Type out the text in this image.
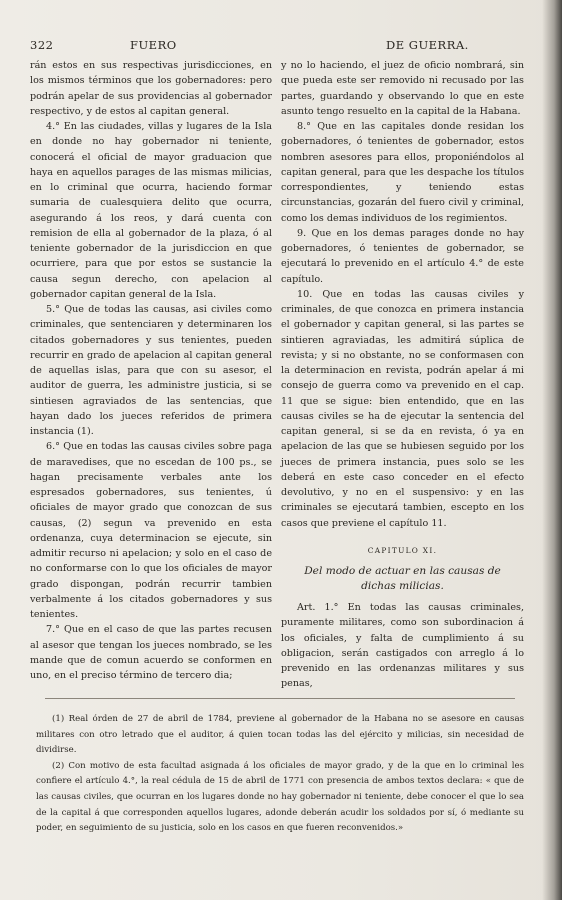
322	FUERO	DE GUERRA.

rán estos en sus respectivas jurisdicciones, en los mismos términos que los gobernadores: pero podrán apelar de sus providencias al gobernador respectivo, y de estos al capitan general.

4.° En las ciudades, villas y lugares de la Isla en donde no hay gobernador ni teniente, conocerá el oficial de mayor graduacion que haya en aquellos parages de las mismas milicias, en lo criminal que ocurra, haciendo formar sumaria de cualesquiera delito que ocurra, asegurando á los reos, y dará cuenta con remision de ella al gobernador de la plaza, ó al teniente gobernador de la jurisdiccion en que ocurriere, para que por estos se sustancie la causa segun derecho, con apelacion al gobernador capitan general de la Isla.

5.° Que de todas las causas, asi civiles como criminales, que sentenciaren y determinaren los citados gobernadores y sus tenientes, pueden recurrir en grado de apelacion al capitan general de aquellas islas, para que con su asesor, el auditor de guerra, les administre justicia, si se sintiesen agraviados de las sentencias, que hayan dado los jueces referidos de primera instancia (1).

6.° Que en todas las causas civiles sobre paga de maravedises, que no escedan de 100 ps., se hagan precisamente verbales ante los espresados gobernadores, sus tenientes, ú oficiales de mayor grado que conozcan de sus causas, (2) segun va prevenido en esta ordenanza, cuya determinacion se ejecute, sin admitir recurso ni apelacion; y solo en el caso de no conformarse con lo que los oficiales de mayor grado dispongan, podrán recurrir tambien verbalmente á los citados gobernadores y sus tenientes.

7.° Que en el caso de que las partes recusen al asesor que tengan los jueces nombrado, se les mande que de comun acuerdo se conformen en uno, en el preciso término de tercero dia;

y no lo haciendo, el juez de oficio nombrará, sin que pueda este ser removido ni recusado por las partes, guardando y observando lo que en este asunto tengo resuelto en la capital de la Habana.

8.° Que en las capitales donde residan los gobernadores, ó tenientes de gobernador, estos nombren asesores para ellos, proponiéndolos al capitan general, para que les despache los títulos correspondientes, y teniendo estas circunstancias, gozarán del fuero civil y criminal, como los demas individuos de los regimientos.

9. Que en los demas parages donde no hay gobernadores, ó tenientes de gobernador, se ejecutará lo prevenido en el artículo 4.° de este capítulo.

10. Que en todas las causas civiles y criminales, de que conozca en primera instancia el gobernador y capitan general, si las partes se sintieren agraviadas, les admitirá súplica de revista; y si no obstante, no se conformasen con la determinacion en revista, podrán apelar á mi consejo de guerra como va prevenido en el cap. 11 que se sigue: bien entendido, que en las causas civiles se ha de ejecutar la sentencia del capitan general, si se da en revista, ó ya en apelacion de las que se hubiesen seguido por los jueces de primera instancia, pues solo se les deberá en este caso conceder en el efecto devolutivo, y no en el suspensivo: y en las criminales se ejecutará tambien, escepto en los casos que previene el capítulo 11.

CAPITULO XI.
Del modo de actuar en las causas de dichas milicias.

Art. 1.° En todas las causas criminales, puramente militares, como son subordinacion á los oficiales, y falta de cumplimiento á su obligacion, serán castigados con arreglo á lo prevenido en las ordenanzas militares y sus penas,

(1) Real órden de 27 de abril de 1784, previene al gobernador de la Habana no se asesore en causas militares con otro letrado que el auditor, á quien tocan todas las del ejército y milicias, sin necesidad de dividirse.

(2) Con motivo de esta facultad asignada á los oficiales de mayor grado, y de la que en lo criminal les confiere el artículo 4.°, la real cédula de 15 de abril de 1771 con presencia de ambos textos declara: « que de las causas civiles, que ocurran en los lugares donde no hay gobernador ni teniente, debe conocer el que lo sea de la capital á que corresponden aquellos lugares, adonde deberán acudir los soldados por sí, ó mediante su poder, en seguimiento de su justicia, solo en los casos en que fueren reconvenidos.»
